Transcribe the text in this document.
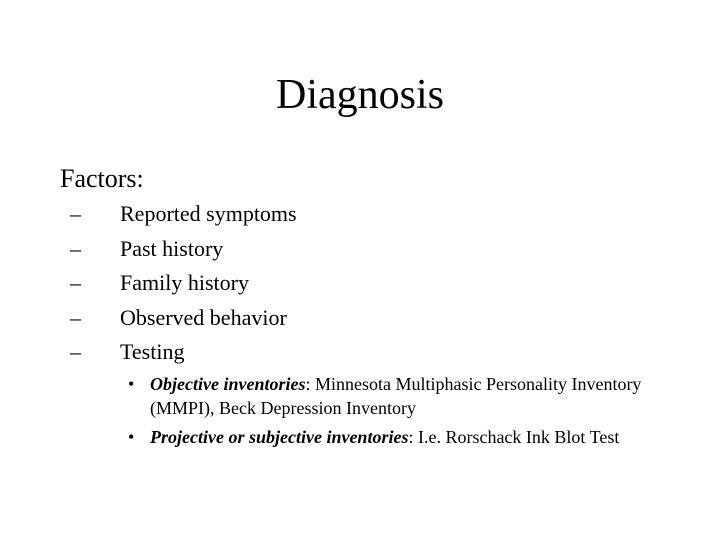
Diagnosis
Factors:
–	Reported symptoms
–	Past history
–	Family history
–	Observed behavior
–	Testing
• Objective inventories: Minnesota Multiphasic Personality Inventory (MMPI), Beck Depression Inventory
• Projective or subjective inventories: I.e. Rorschack Ink Blot Test
